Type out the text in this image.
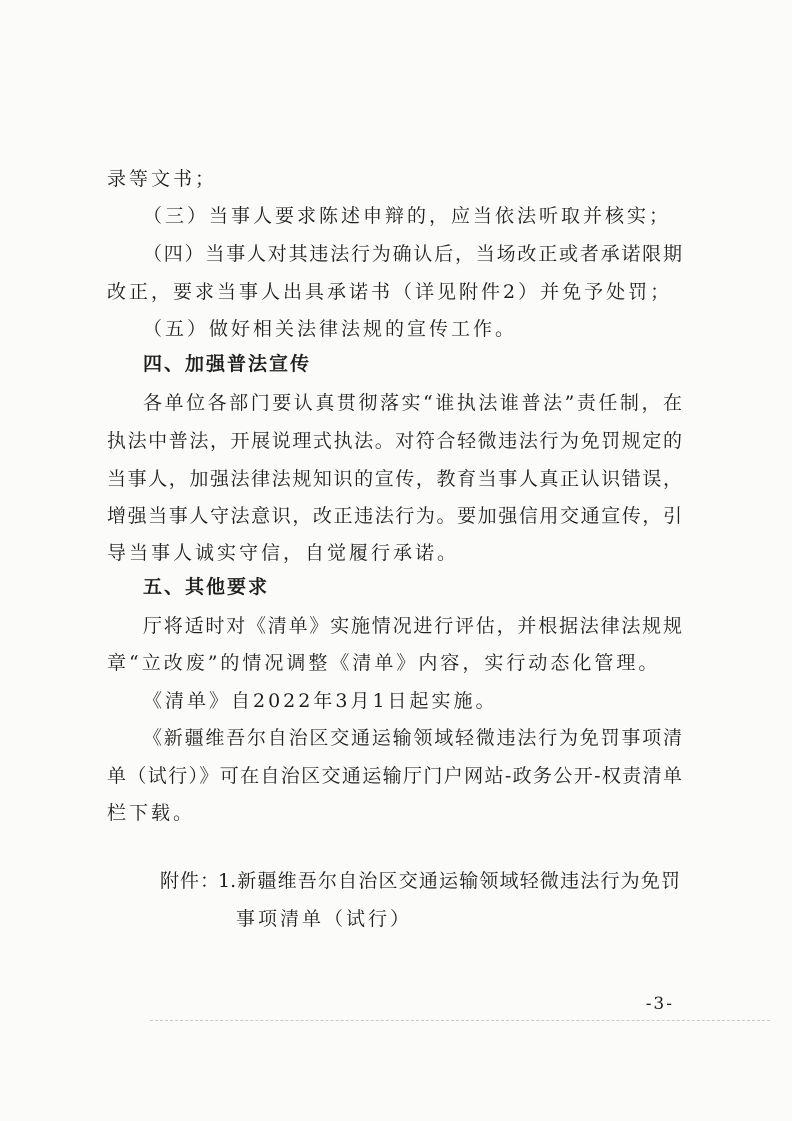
录等文书；
（三）当事人要求陈述申辩的，应当依法听取并核实；
（四）当事人对其违法行为确认后，当场改正或者承诺限期
改正，要求当事人出具承诺书（详见附件2）并免予处罚；
（五）做好相关法律法规的宣传工作。
四、加强普法宣传
各单位各部门要认真贯彻落实“谁执法谁普法”责任制，在
执法中普法，开展说理式执法。对符合轻微违法行为免罚规定的
当事人，加强法律法规知识的宣传，教育当事人真正认识错误，
增强当事人守法意识，改正违法行为。要加强信用交通宣传，引
导当事人诚实守信，自觉履行承诺。
五、其他要求
厅将适时对《清单》实施情况进行评估，并根据法律法规规
章“立改废”的情况调整《清单》内容，实行动态化管理。
《清单》自2022年3月1日起实施。
《新疆维吾尔自治区交通运输领域轻微违法行为免罚事项清
单（试行）》可在自治区交通运输厅门户网站-政务公开-权责清单
栏下载。
附件：
1.新疆维吾尔自治区交通运输领域轻微违法行为免罚
事项清单（试行）
-3-
